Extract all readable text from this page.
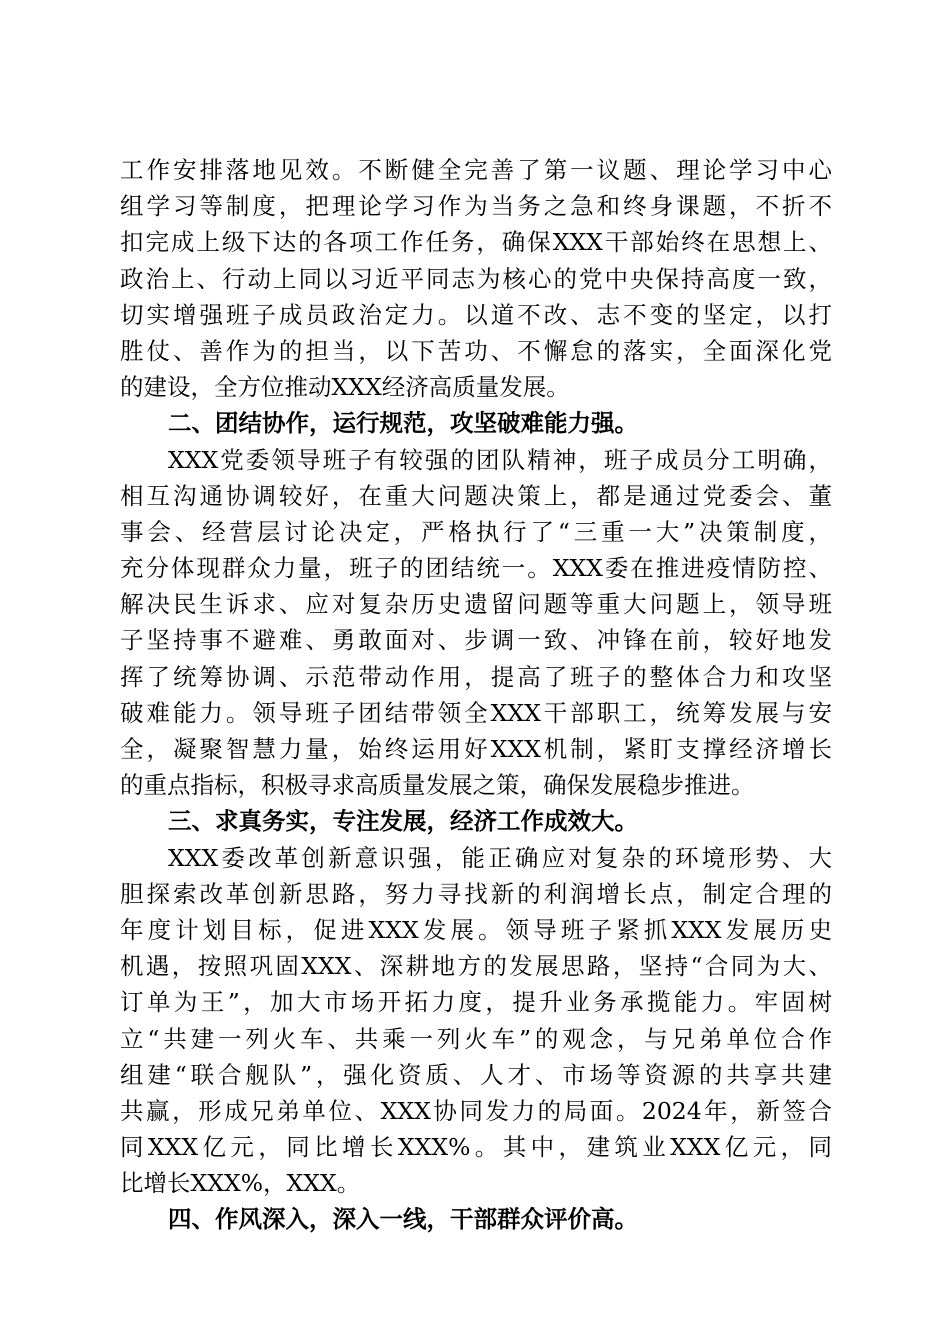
工作安排落地见效。不断健全完善了第一议题、理论学习中心
组学习等制度，把理论学习作为当务之急和终身课题，不折不
扣完成上级下达的各项工作任务，确保XXX干部始终在思想上、
政治上、行动上同以习近平同志为核心的党中央保持高度一致，
切实增强班子成员政治定力。以道不改、志不变的坚定，以打
胜仗、善作为的担当，以下苦功、不懈怠的落实，全面深化党
的建设，全方位推动XXX经济高质量发展。
二、团结协作，运行规范，攻坚破难能力强。
XXX党委领导班子有较强的团队精神，班子成员分工明确，
相互沟通协调较好，在重大问题决策上，都是通过党委会、董
事会、经营层讨论决定，严格执行了“三重一大”决策制度，
充分体现群众力量，班子的团结统一。XXX委在推进疫情防控、
解决民生诉求、应对复杂历史遗留问题等重大问题上，领导班
子坚持事不避难、勇敢面对、步调一致、冲锋在前，较好地发
挥了统筹协调、示范带动作用，提高了班子的整体合力和攻坚
破难能力。领导班子团结带领全XXX干部职工，统筹发展与安
全，凝聚智慧力量，始终运用好XXX机制，紧盯支撑经济增长
的重点指标，积极寻求高质量发展之策，确保发展稳步推进。
三、求真务实，专注发展，经济工作成效大。
XXX委改革创新意识强，能正确应对复杂的环境形势、大
胆探索改革创新思路，努力寻找新的利润增长点，制定合理的
年度计划目标，促进XXX发展。领导班子紧抓XXX发展历史
机遇，按照巩固XXX、深耕地方的发展思路，坚持“合同为大、
订单为王”，加大市场开拓力度，提升业务承揽能力。牢固树
立“共建一列火车、共乘一列火车”的观念，与兄弟单位合作
组建“联合舰队”，强化资质、人才、市场等资源的共享共建
共赢，形成兄弟单位、XXX协同发力的局面。2024年，新签合
同XXX亿元，同比增长XXX%。其中，建筑业XXX亿元，同
比增长XXX%，XXX。
四、作风深入，深入一线，干部群众评价高。
